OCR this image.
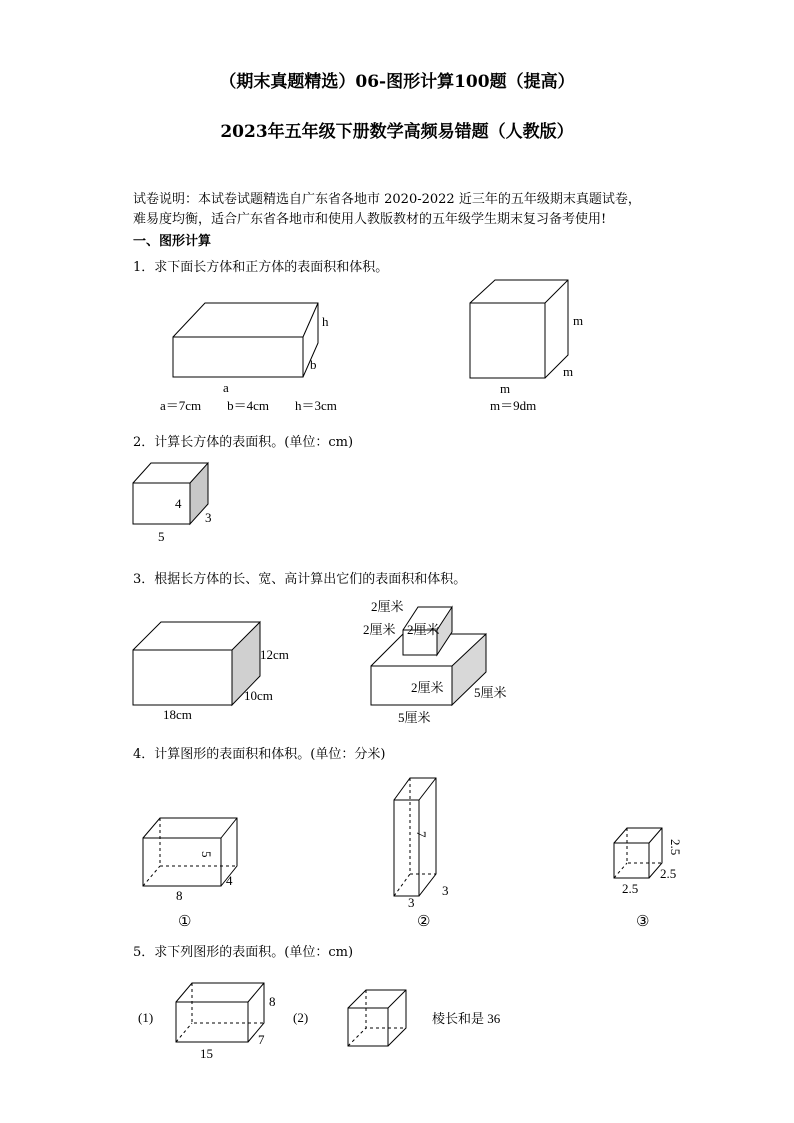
（期末真题精选）06-图形计算100题（提高）
2023年五年级下册数学高频易错题（人教版）
试卷说明：本试卷试题精选自广东省各地市 2020-2022 近三年的五年级期末真题试卷，
难易度均衡，适合广东省各地市和使用人教版教材的五年级学生期末复习备考使用!
一、图形计算
1．求下面长方体和正方体的表面积和体积。
2．计算长方体的表面积。(单位：cm)
3．根据长方体的长、宽、高计算出它们的表面积和体积。
4．计算图形的表面积和体积。(单位：分米)
5．求下列图形的表面积。(单位：cm)
h
b
a
a＝7cm　　b＝4cm　　h＝3cm
m
m
m
m＝9dm
4
3
5
12cm
10cm
18cm
2厘米
2厘米 2厘米
2厘米 5厘米
5厘米
8
4
5
①
7
3
3
②
2.5
2.5
2.5
③
(1)
8
7
15
(2)	棱长和是 36
